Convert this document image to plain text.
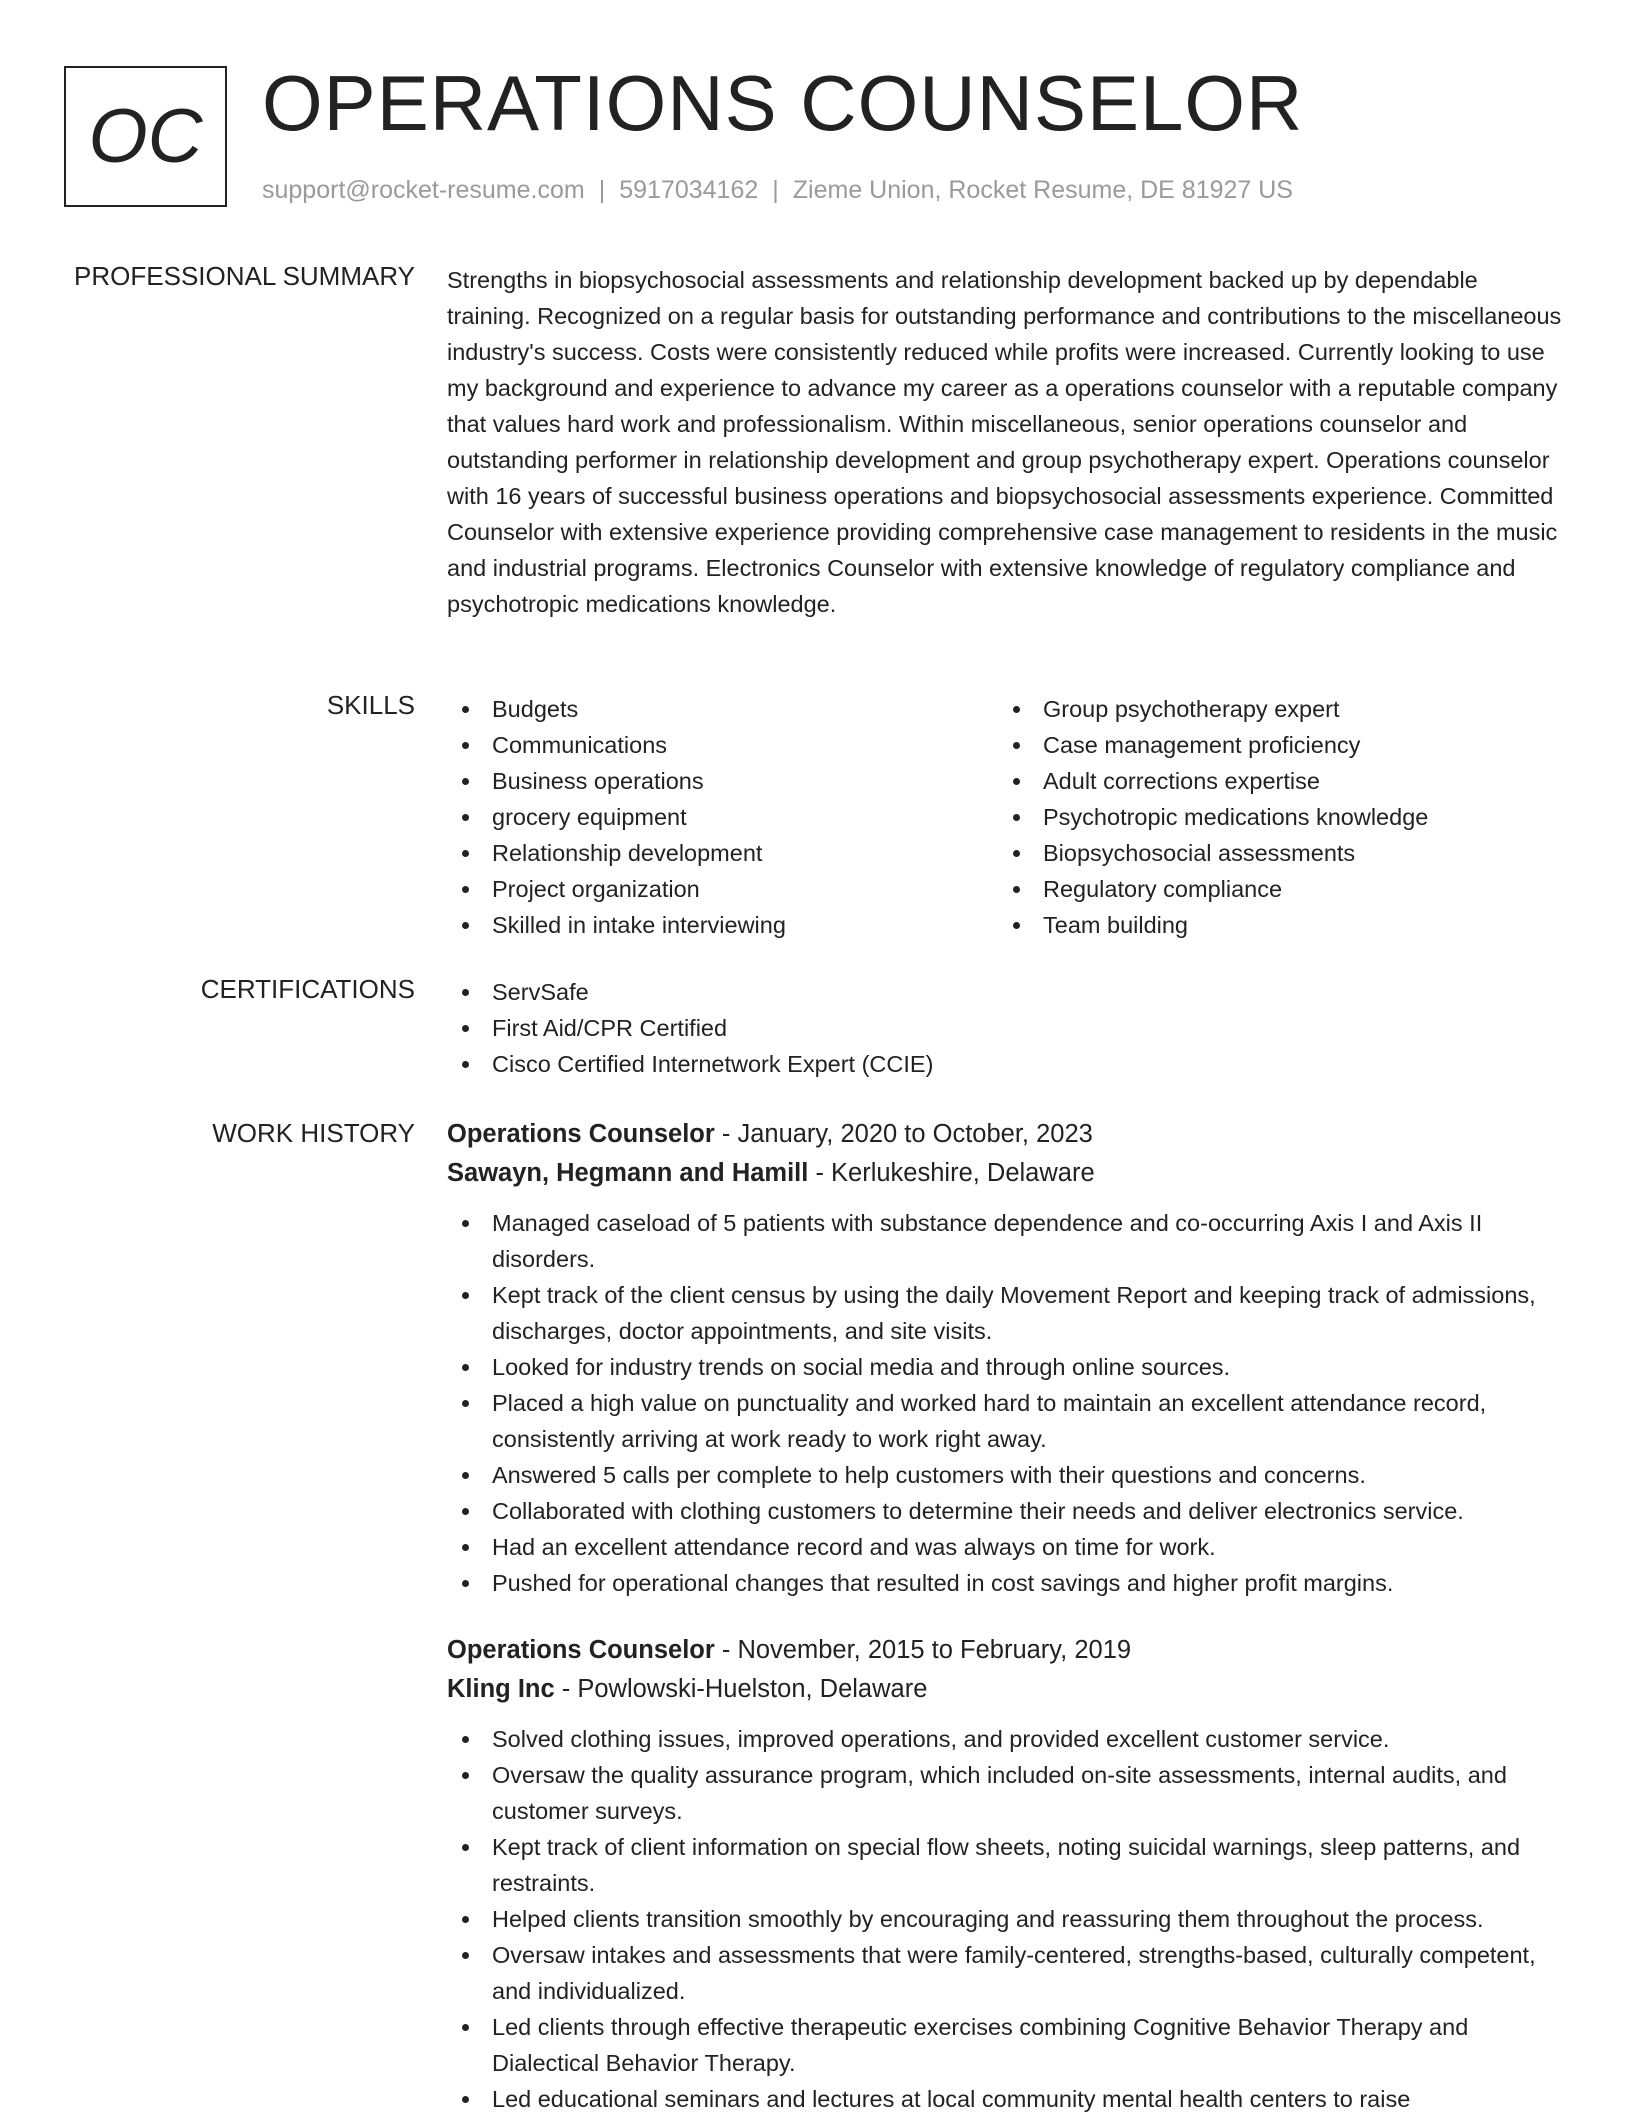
OC OPERATIONS COUNSELOR
support@rocket-resume.com | 5917034162 | Zieme Union, Rocket Resume, DE 81927 US
PROFESSIONAL SUMMARY Strengths in biopsychosocial assessments and relationship development backed up by dependable training. Recognized on a regular basis for outstanding performance and contributions to the miscellaneous industry's success. Costs were consistently reduced while profits were increased. Currently looking to use my background and experience to advance my career as a operations counselor with a reputable company that values hard work and professionalism. Within miscellaneous, senior operations counselor and outstanding performer in relationship development and group psychotherapy expert. Operations counselor with 16 years of successful business operations and biopsychosocial assessments experience. Committed Counselor with extensive experience providing comprehensive case management to residents in the music and industrial programs. Electronics Counselor with extensive knowledge of regulatory compliance and psychotropic medications knowledge.
SKILLS	Budgets
Communications
Business operations
grocery equipment
Relationship development
Project organization
Skilled in intake interviewing
Group psychotherapy expert
Case management proficiency
Adult corrections expertise
Psychotropic medications knowledge
Biopsychosocial assessments
Regulatory compliance
Team building
CERTIFICATIONS	ServSafe
First Aid/CPR Certified
Cisco Certified Internetwork Expert (CCIE)
WORK HISTORY Operations Counselor - January, 2020 to October, 2023
Sawayn, Hegmann and Hamill - Kerlukeshire, Delaware
Managed caseload of 5 patients with substance dependence and co-occurring Axis I and Axis II disorders.
Kept track of the client census by using the daily Movement Report and keeping track of admissions, discharges, doctor appointments, and site visits.
Looked for industry trends on social media and through online sources.
Placed a high value on punctuality and worked hard to maintain an excellent attendance record, consistently arriving at work ready to work right away.
Answered 5 calls per complete to help customers with their questions and concerns.
Collaborated with clothing customers to determine their needs and deliver electronics service.
Had an excellent attendance record and was always on time for work.
Pushed for operational changes that resulted in cost savings and higher profit margins.
Operations Counselor - November, 2015 to February, 2019
Kling Inc - Powlowski-Huelston, Delaware
Solved clothing issues, improved operations, and provided excellent customer service.
Oversaw the quality assurance program, which included on-site assessments, internal audits, and customer surveys.
Kept track of client information on special flow sheets, noting suicidal warnings, sleep patterns, and restraints.
Helped clients transition smoothly by encouraging and reassuring them throughout the process.
Oversaw intakes and assessments that were family-centered, strengths-based, culturally competent, and individualized.
Led clients through effective therapeutic exercises combining Cognitive Behavior Therapy and Dialectical Behavior Therapy.
Led educational seminars and lectures at local community mental health centers to raise
